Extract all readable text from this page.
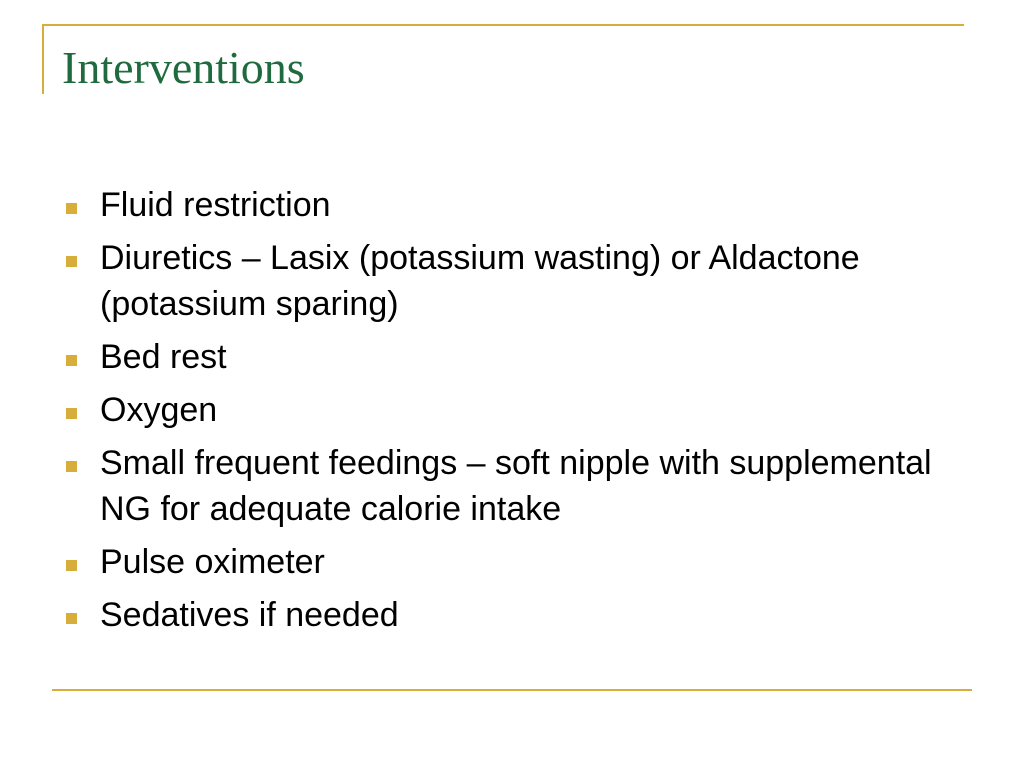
Interventions
Fluid restriction
Diuretics – Lasix (potassium wasting) or Aldactone (potassium sparing)
Bed rest
Oxygen
Small frequent feedings – soft nipple with supplemental NG for adequate calorie intake
Pulse oximeter
Sedatives if needed
